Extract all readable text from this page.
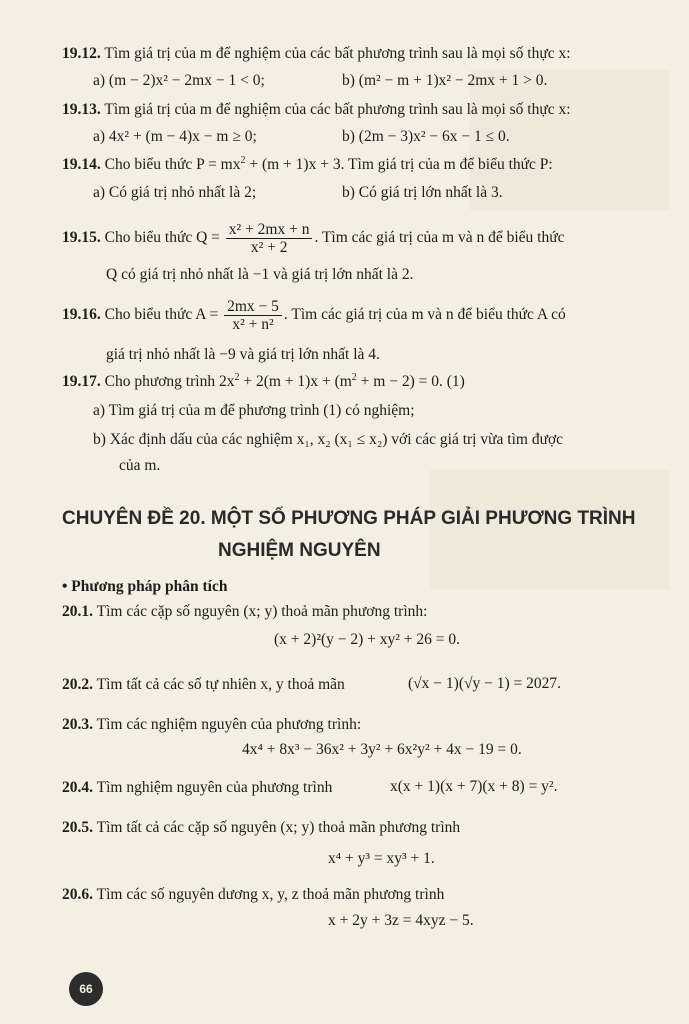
19.12. Tìm giá trị của m để nghiệm của các bất phương trình sau là mọi số thực x:
a) (m − 2)x² − 2mx − 1 < 0;	b) (m² − m + 1)x² − 2mx + 1 > 0.
19.13. Tìm giá trị của m để nghiệm của các bất phương trình sau là mọi số thực x:
a) 4x² + (m − 4)x − m ≥ 0;	b) (2m − 3)x² − 6x − 1 ≤ 0.
19.14. Cho biểu thức $P = mx^2 + (m + 1)x + 3$. Tìm giá trị của m để biểu thức P:
a) Có giá trị nhỏ nhất là 2;	b) Có giá trị lớn nhất là 3.
19.15. Cho biểu thức $Q = \frac{\text{x² + 2mx + n}}{\text{x² + 2}}$ . Tìm các giá trị của m và n để biểu thức
Q có giá trị nhỏ nhất là −1 và giá trị lớn nhất là 2.
19.16. Cho biểu thức $A = \frac{2mx - 5}{\text{x² + n²}}$ . Tìm các giá trị của m và n để biểu thức A có
giá trị nhỏ nhất là −9 và giá trị lớn nhất là 4.
19.17. Cho phương trình $2x^2 + 2(m + 1)x + (m^2 + m - 2) = 0$. (1)
a) Tìm giá trị của m để phương trình (1) có nghiệm;
b) Xác định dấu của các nghiệm x₁, x₂ (x₁ ≤ x₂) với các giá trị vừa tìm được
của m.
CHUYÊN ĐỀ 20. MỘT SỐ PHƯƠNG PHÁP GIẢI PHƯƠNG TRÌNH
NGHIỆM NGUYÊN
• Phương pháp phân tích
20.1. Tìm các cặp số nguyên (x; y) thoả mãn phương trình:
(x + 2)²(y − 2) + xy² + 26 = 0.
20.2. Tìm tất cả các số tự nhiên x, y thoả mãn	(√x − 1)(√y − 1) = 2027.
20.3. Tìm các nghiệm nguyên của phương trình:
4x⁴ + 8x³ − 36x² + 3y² + 6x²y² + 4x − 19 = 0.
20.4. Tìm nghiệm nguyên của phương trình	x(x + 1)(x + 7)(x + 8) = y².
20.5. Tìm tất cả các cặp số nguyên (x; y) thoả mãn phương trình
x⁴ + y³ = xy³ + 1.
20.6. Tìm các số nguyên dương x, y, z thoả mãn phương trình
x + 2y + 3z = 4xyz − 5.
66
